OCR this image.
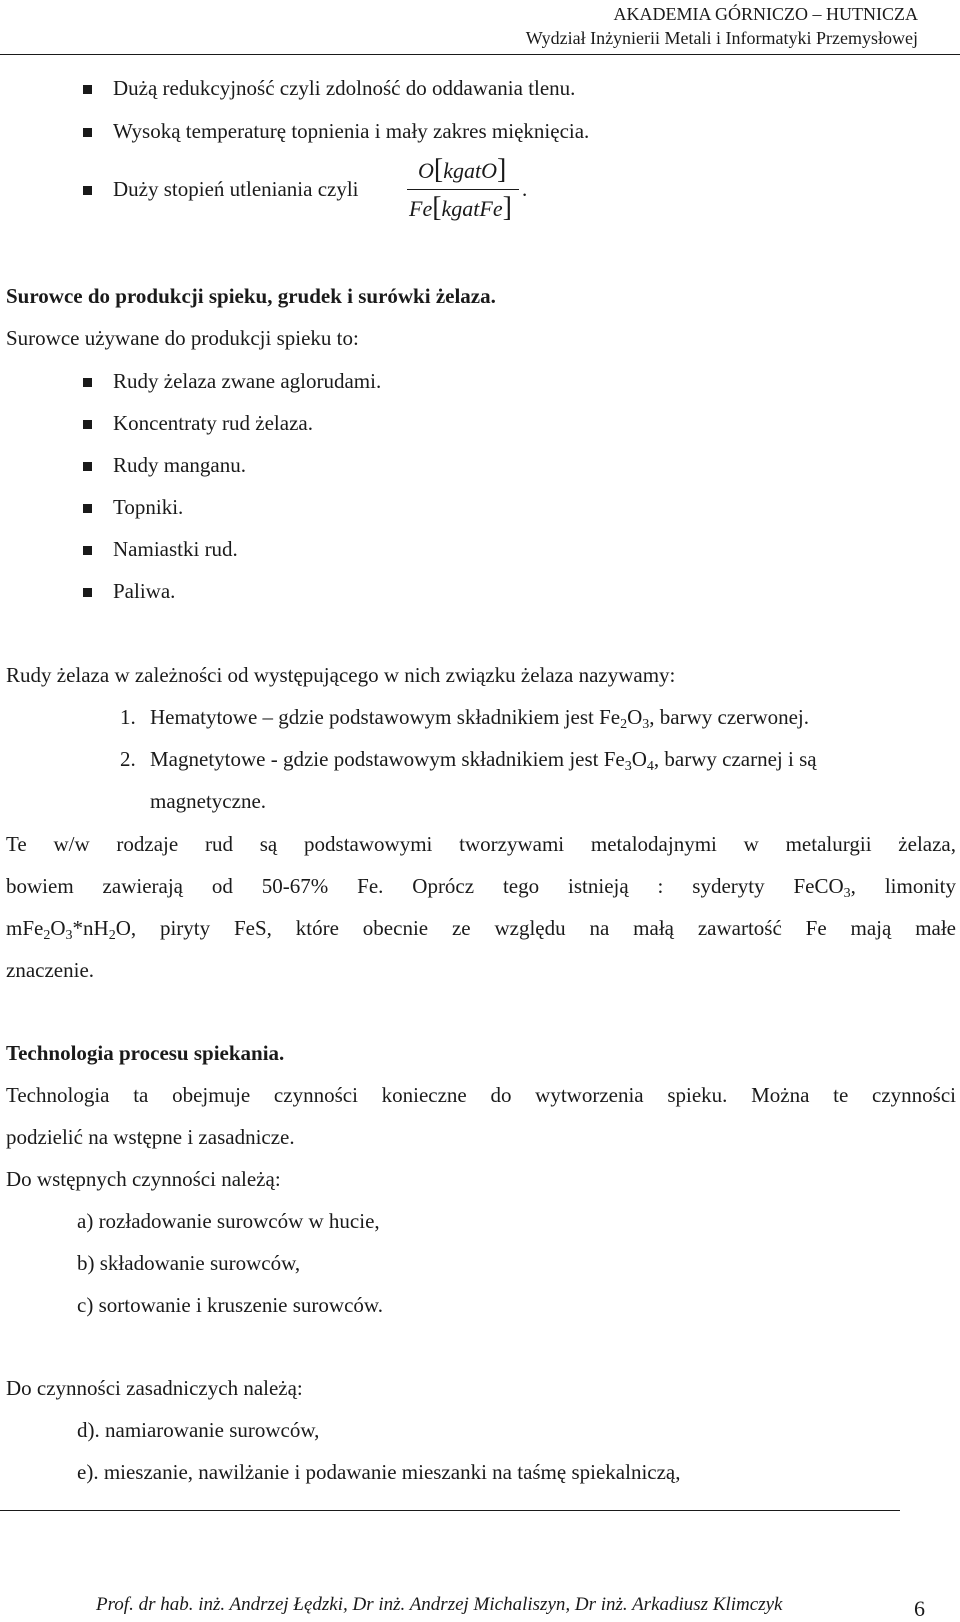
AKADEMIA GÓRNICZO – HUTNICZA
Wydział Inżynierii Metali i Informatyki Przemysłowej
Dużą redukcyjność czyli zdolność do oddawania tlenu.
Wysoką temperaturę topnienia i mały zakres mięknięcia.
Duży stopień utleniania czyli
O[kgatO]
Fe[kgatFe]
.
Surowce do produkcji spieku, grudek i surówki żelaza.
Surowce używane do produkcji spieku to:
Rudy żelaza zwane aglorudami.
Koncentraty rud żelaza.
Rudy manganu.
Topniki.
Namiastki rud.
Paliwa.
Rudy żelaza w zależności od występującego w nich związku żelaza nazywamy:
1. Hematytowe – gdzie podstawowym składnikiem jest $Fe_2O_3$, barwy czerwonej.
2. Magnetytowe - gdzie podstawowym składnikiem jest $Fe_3O_4$, barwy czarnej i są
magnetyczne.
Te w/w rodzaje rud są podstawowymi tworzywami metalodajnymi w metalurgii żelaza,
bowiem zawierają od 50-67% Fe. Oprócz tego istnieją : syderyty FeCO$_3$, limonity
$mFe_2O_3*nH_2O$, piryty FeS, które obecnie ze względu na małą zawartość Fe mają małe
znaczenie.
Technologia procesu spiekania.
Technologia ta obejmuje czynności konieczne do wytworzenia spieku. Można te czynności
podzielić na wstępne i zasadnicze.
Do wstępnych czynności należą:
a) rozładowanie surowców w hucie,
b) składowanie surowców,
c) sortowanie i kruszenie surowców.
Do czynności zasadniczych należą:
d). namiarowanie surowców,
e). mieszanie, nawilżanie i podawanie mieszanki na taśmę spiekalniczą,
Prof. dr hab. inż. Andrzej Łędzki, Dr inż. Andrzej Michaliszyn, Dr inż. Arkadiusz Klimczyk	6
